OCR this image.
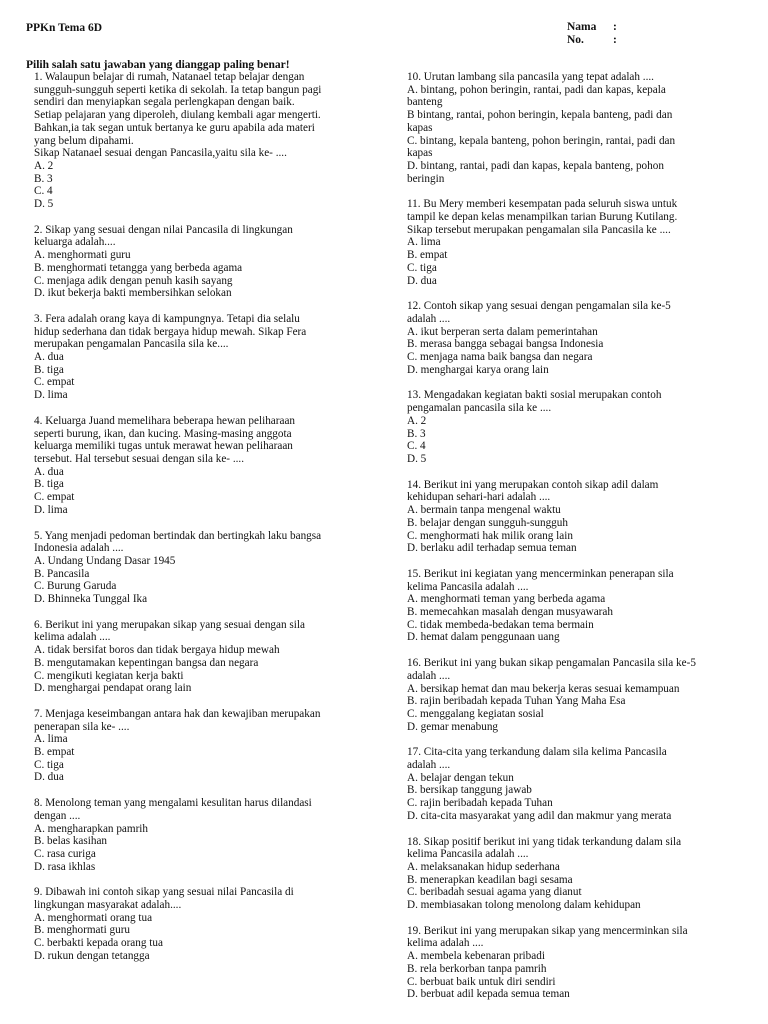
PPKn Tema 6D	Nama	:
No.	:
Pilih salah satu jawaban yang dianggap paling benar!
1. Walaupun belajar di rumah, Natanael tetap belajar dengan
sungguh-sungguh seperti ketika di sekolah. Ia tetap bangun pagi
sendiri dan menyiapkan segala perlengkapan dengan baik.
Setiap pelajaran yang diperoleh, diulang kembali agar mengerti.
Bahkan,ia tak segan untuk bertanya ke guru apabila ada materi
yang belum dipahami.
Sikap Natanael sesuai dengan Pancasila,yaitu sila ke- ....
A. 2
B. 3
C. 4
D. 5
2. Sikap yang sesuai dengan nilai Pancasila di lingkungan
keluarga adalah....
A. menghormati guru
B. menghormati tetangga yang berbeda agama
C. menjaga adik dengan penuh kasih sayang
D. ikut bekerja bakti membersihkan selokan
3. Fera adalah orang kaya di kampungnya. Tetapi dia selalu
hidup sederhana dan tidak bergaya hidup mewah. Sikap Fera
merupakan pengamalan Pancasila sila ke....
A. dua
B. tiga
C. empat
D. lima
4. Keluarga Juand memelihara beberapa hewan peliharaan
seperti burung, ikan, dan kucing. Masing-masing anggota
keluarga memiliki tugas untuk merawat hewan peliharaan
tersebut. Hal tersebut sesuai dengan sila ke- ....
A. dua
B. tiga
C. empat
D. lima
5. Yang menjadi pedoman bertindak dan bertingkah laku bangsa
Indonesia adalah ....
A. Undang Undang Dasar 1945
B. Pancasila
C. Burung Garuda
D. Bhinneka Tunggal Ika
6. Berikut ini yang merupakan sikap yang sesuai dengan sila
kelima adalah ....
A. tidak bersifat boros dan tidak bergaya hidup mewah
B. mengutamakan kepentingan bangsa dan negara
C. mengikuti kegiatan kerja bakti
D. menghargai pendapat orang lain
7. Menjaga keseimbangan antara hak dan kewajiban merupakan
penerapan sila ke- ....
A. lima
B. empat
C. tiga
D. dua
8. Menolong teman yang mengalami kesulitan harus dilandasi
dengan ....
A. mengharapkan pamrih
B. belas kasihan
C. rasa curiga
D. rasa ikhlas
9. Dibawah ini contoh sikap yang sesuai nilai Pancasila di
lingkungan masyarakat adalah....
A. menghormati orang tua
B. menghormati guru
C. berbakti kepada orang tua
D. rukun dengan tetangga
10. Urutan lambang sila pancasila yang tepat adalah ....
A. bintang, pohon beringin, rantai, padi dan kapas, kepala
banteng
B bintang, rantai, pohon beringin, kepala banteng, padi dan
kapas
C. bintang, kepala banteng, pohon beringin, rantai, padi dan
kapas
D. bintang, rantai, padi dan kapas, kepala banteng, pohon
beringin
11. Bu Mery memberi kesempatan pada seluruh siswa untuk
tampil ke depan kelas menampilkan tarian Burung Kutilang.
Sikap tersebut merupakan pengamalan sila Pancasila ke ....
A. lima
B. empat
C. tiga
D. dua
12. Contoh sikap yang sesuai dengan pengamalan sila ke-5
adalah ....
A. ikut berperan serta dalam pemerintahan
B. merasa bangga sebagai bangsa Indonesia
C. menjaga nama baik bangsa dan negara
D. menghargai karya orang lain
13. Mengadakan kegiatan bakti sosial merupakan contoh
pengamalan pancasila sila ke ....
A. 2
B. 3
C. 4
D. 5
14. Berikut ini yang merupakan contoh sikap adil dalam
kehidupan sehari-hari adalah ....
A. bermain tanpa mengenal waktu
B. belajar dengan sungguh-sungguh
C. menghormati hak milik orang lain
D. berlaku adil terhadap semua teman
15. Berikut ini kegiatan yang mencerminkan penerapan sila
kelima Pancasila adalah ....
A. menghormati teman yang berbeda agama
B. memecahkan masalah dengan musyawarah
C. tidak membeda-bedakan tema bermain
D. hemat dalam penggunaan uang
16. Berikut ini yang bukan sikap pengamalan Pancasila sila ke-5
adalah ....
A. bersikap hemat dan mau bekerja keras sesuai kemampuan
B. rajin beribadah kepada Tuhan Yang Maha Esa
C. menggalang kegiatan sosial
D. gemar menabung
17. Cita-cita yang terkandung dalam sila kelima Pancasila
adalah ....
A. belajar dengan tekun
B. bersikap tanggung jawab
C. rajin beribadah kepada Tuhan
D. cita-cita masyarakat yang adil dan makmur yang merata
18. Sikap positif berikut ini yang tidak terkandung dalam sila
kelima Pancasila adalah ....
A. melaksanakan hidup sederhana
B. menerapkan keadilan bagi sesama
C. beribadah sesuai agama yang dianut
D. membiasakan tolong menolong dalam kehidupan
19. Berikut ini yang merupakan sikap yang mencerminkan sila
kelima adalah ....
A. membela kebenaran pribadi
B. rela berkorban tanpa pamrih
C. berbuat baik untuk diri sendiri
D. berbuat adil kepada semua teman
